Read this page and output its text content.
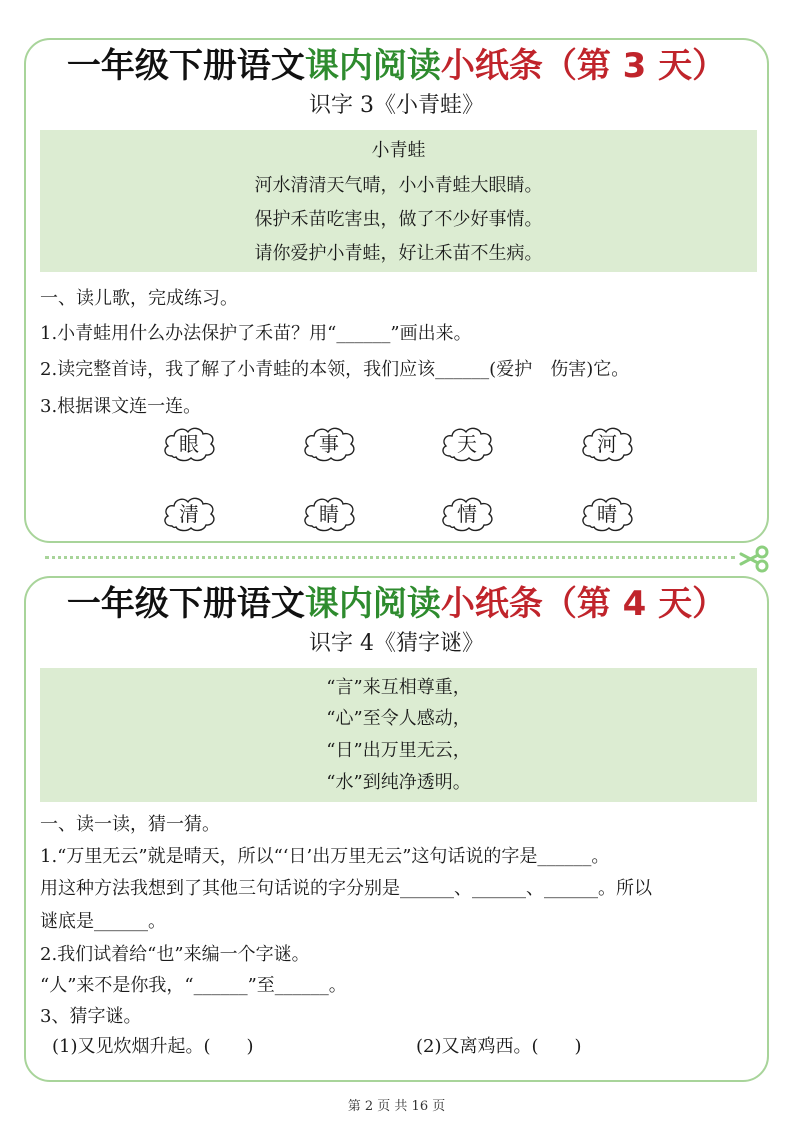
一年级下册语文课内阅读小纸条（第 3 天）
识字 3《小青蛙》
小青蛙
河水清清天气晴，小小青蛙大眼睛。
保护禾苗吃害虫，做了不少好事情。
请你爱护小青蛙，好让禾苗不生病。
一、读儿歌，完成练习。
1.小青蛙用什么办法保护了禾苗？用“______”画出来。
2.读完整首诗，我了解了小青蛙的本领，我们应该______(爱护　伤害)它。
3.根据课文连一连。
眼	事	天	河
清	睛	情	晴
一年级下册语文课内阅读小纸条（第 4 天）
识字 4《猜字谜》
“言”来互相尊重，
“心”至令人感动，
“日”出万里无云，
“水”到纯净透明。
一、读一读，猜一猜。
1.“万里无云”就是晴天，所以“‘日’出万里无云”这句话说的字是______。
用这种方法我想到了其他三句话说的字分别是______、______、______。所以
谜底是______。
2.我们试着给“也”来编一个字谜。
“人”来不是你我，“______”至______。
3、猜字谜。
(1)又见炊烟升起。(　　)	(2)又离鸡西。(　　)
第 2 页 共 16 页
